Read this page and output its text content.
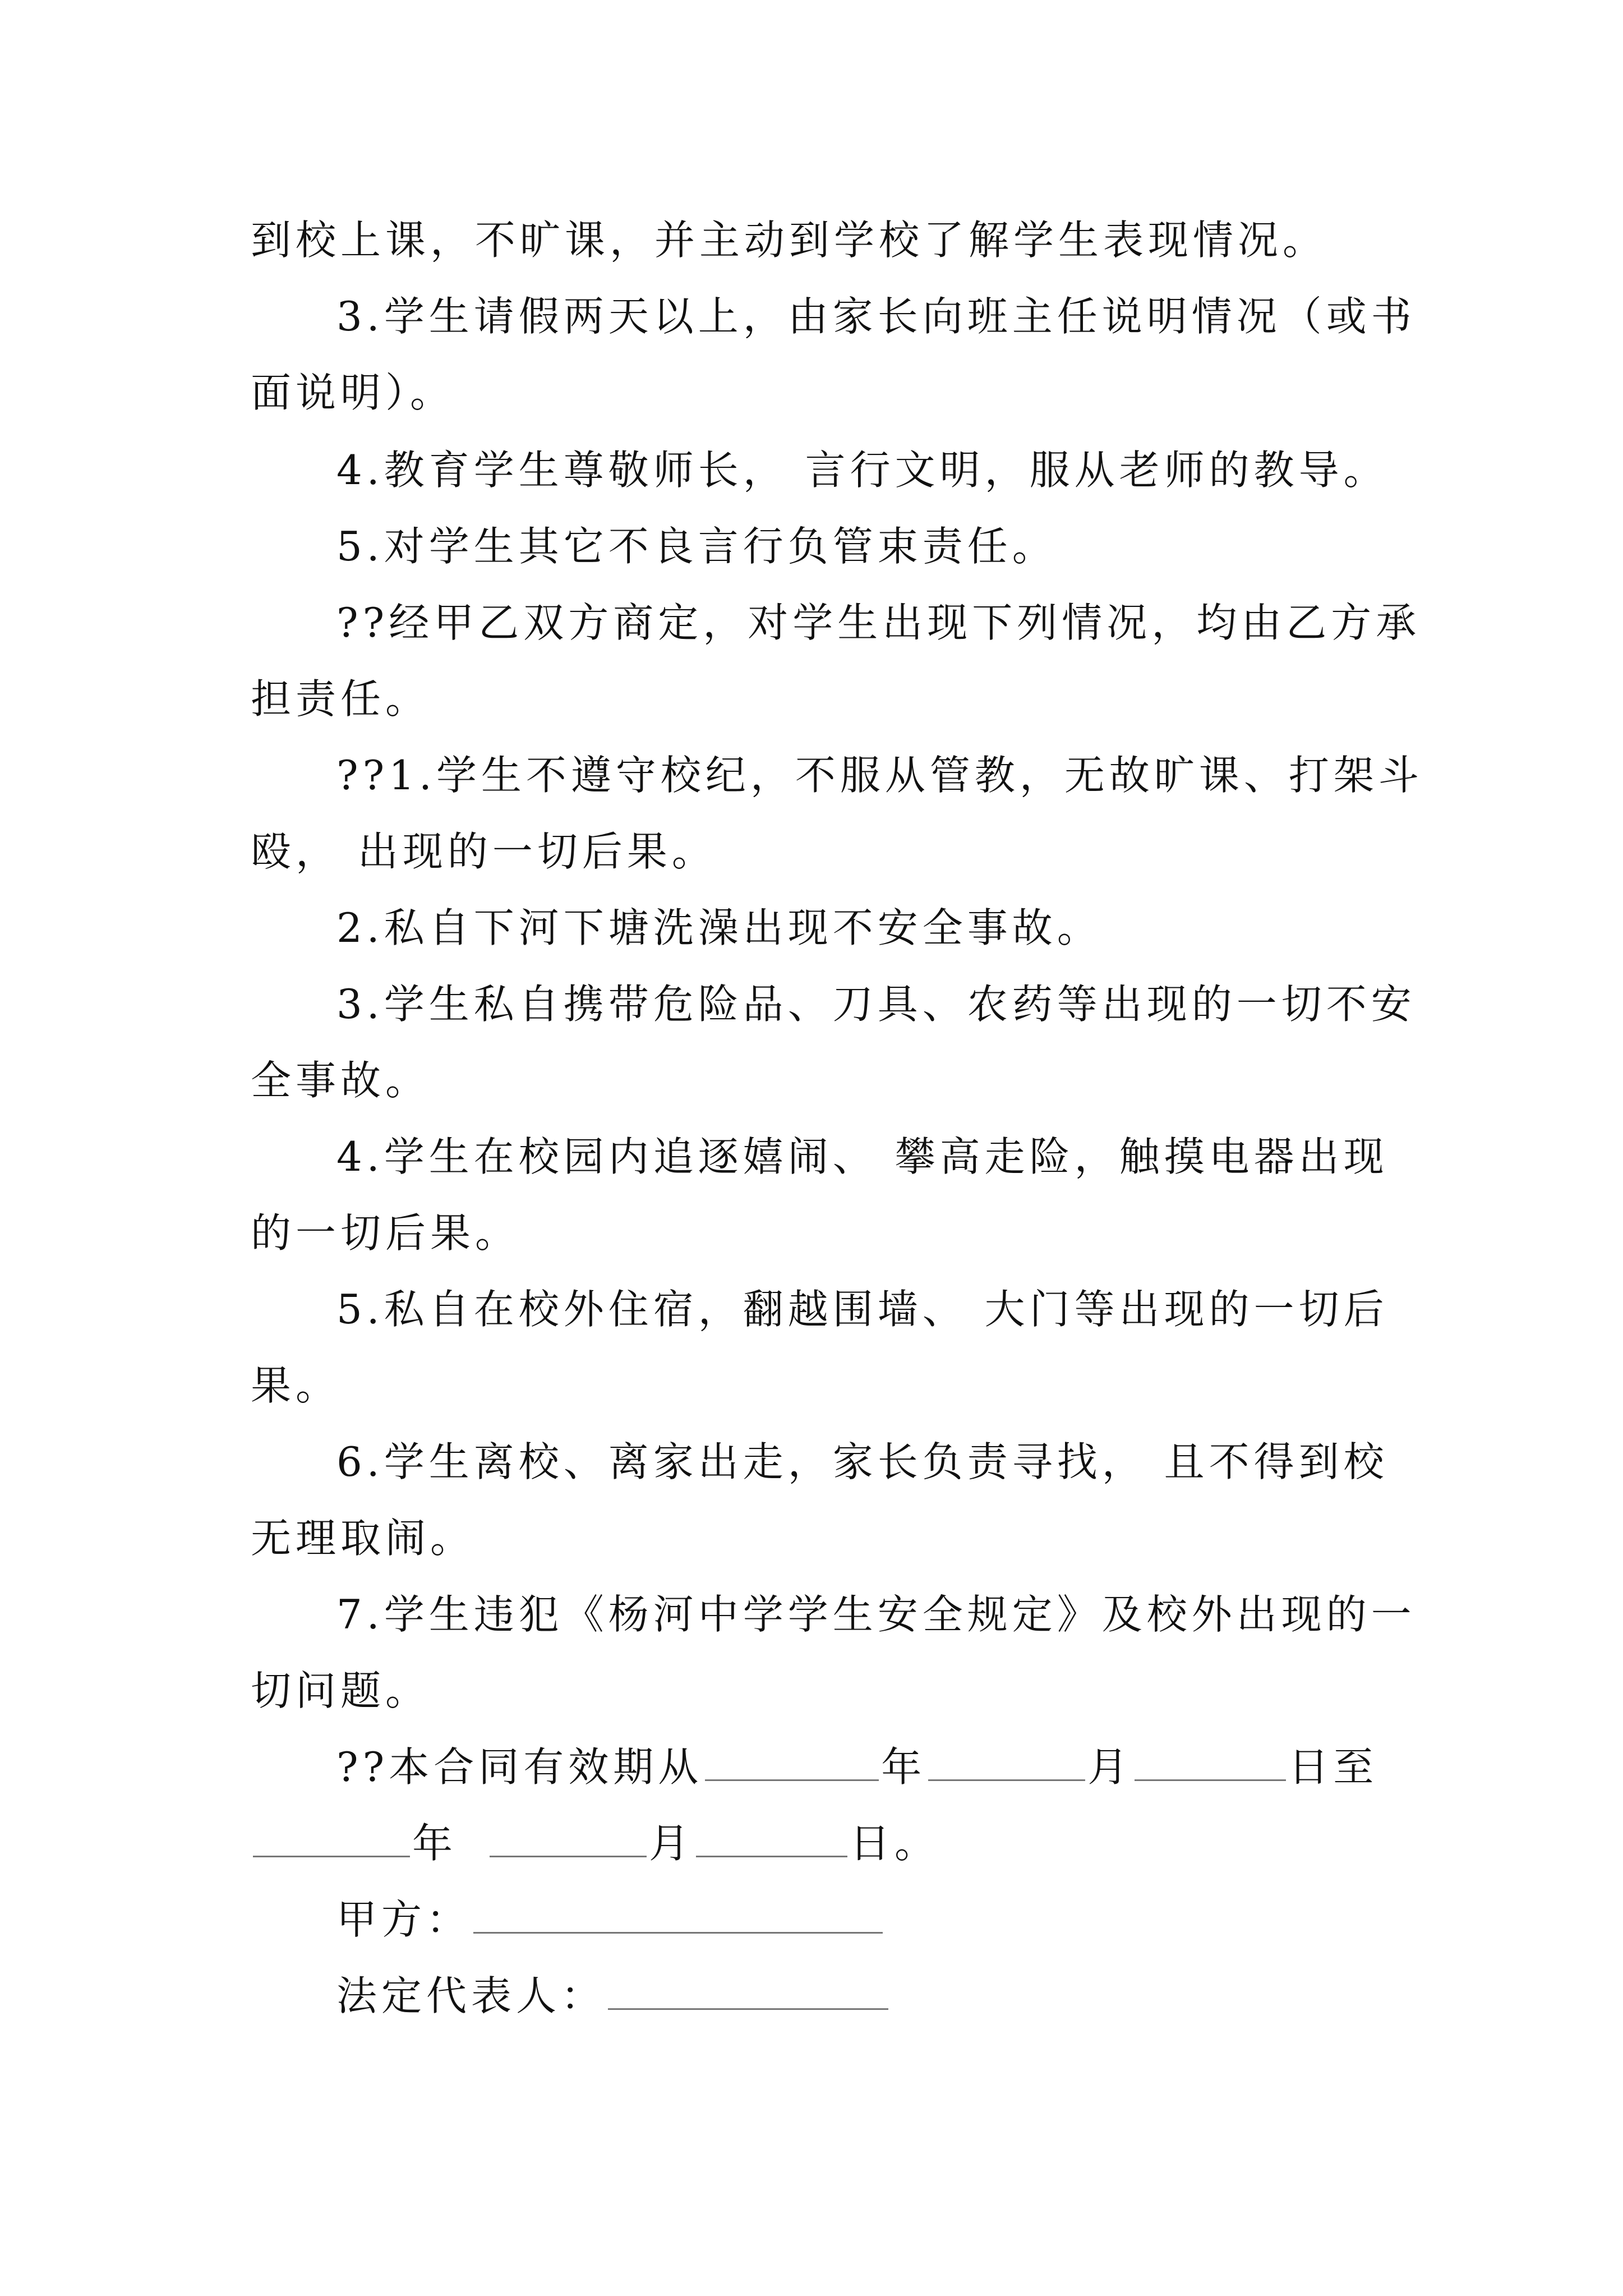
到校上课，不旷课，并主动到学校了解学生表现情况。
3.学生请假两天以上，由家长向班主任说明情况（或书
面说明）。
4.教育学生尊敬师长， 言行文明，服从老师的教导。
5.对学生其它不良言行负管束责任。
??经甲乙双方商定，对学生出现下列情况，均由乙方承
担责任。
??1.学生不遵守校纪，不服从管教，无故旷课、打架斗
殴， 出现的一切后果。
2.私自下河下塘洗澡出现不安全事故。
3.学生私自携带危险品、刀具、农药等出现的一切不安
全事故。
4.学生在校园内追逐嬉闹、 攀高走险，触摸电器出现
的一切后果。
5.私自在校外住宿，翻越围墙、 大门等出现的一切后
果。
6.学生离校、离家出走，家长负责寻找， 且不得到校
无理取闹。
7.学生违犯《杨河中学学生安全规定》及校外出现的一
切问题。
??本合同有效期从	年	月	日至
年	月	日。
甲方：
法定代表人：
